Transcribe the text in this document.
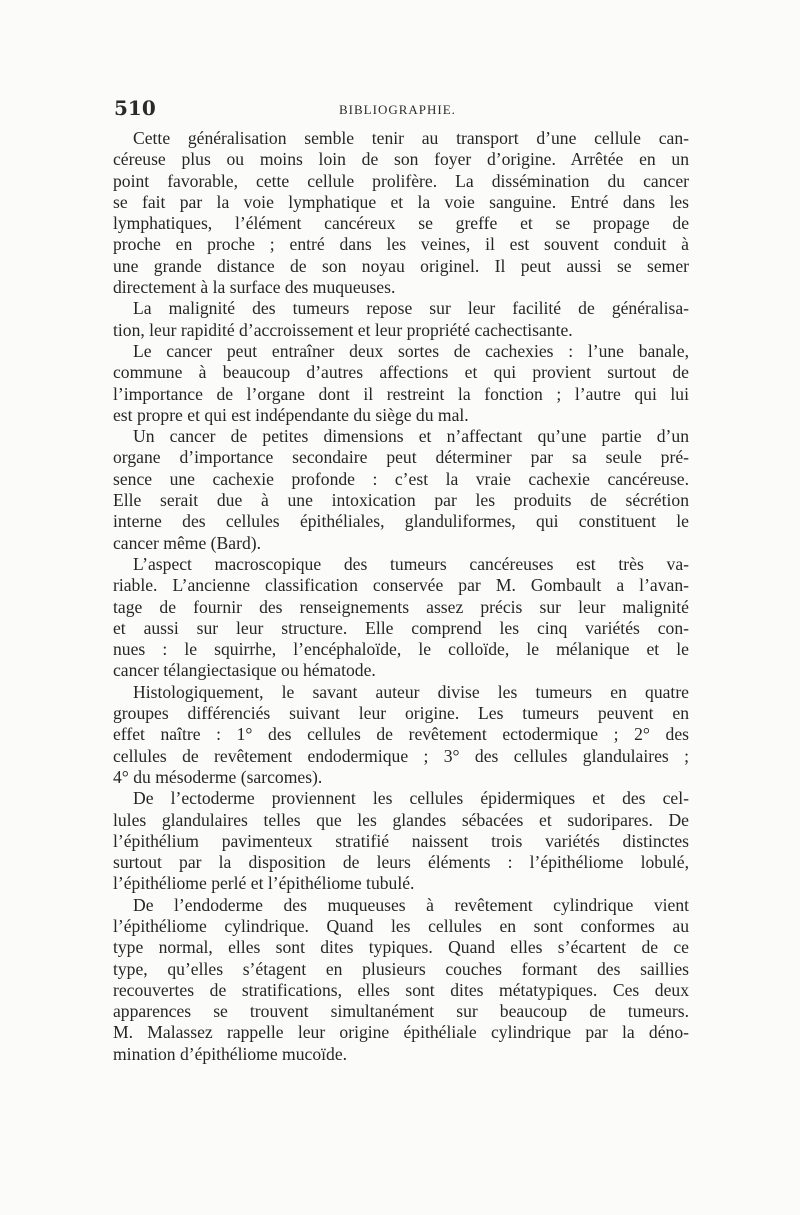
510	BIBLIOGRAPHIE.
Cette généralisation semble tenir au transport d’une cellule can-
céreuse plus ou moins loin de son foyer d’origine. Arrêtée en un
point favorable, cette cellule prolifère. La dissémination du cancer
se fait par la voie lymphatique et la voie sanguine. Entré dans les
lymphatiques, l’élément cancéreux se greffe et se propage de
proche en proche ; entré dans les veines, il est souvent conduit à
une grande distance de son noyau originel. Il peut aussi se semer
directement à la surface des muqueuses.
La malignité des tumeurs repose sur leur facilité de généralisa-
tion, leur rapidité d’accroissement et leur propriété cachectisante.
Le cancer peut entraîner deux sortes de cachexies : l’une banale,
commune à beaucoup d’autres affections et qui provient surtout de
l’importance de l’organe dont il restreint la fonction ; l’autre qui lui
est propre et qui est indépendante du siège du mal.
Un cancer de petites dimensions et n’affectant qu’une partie d’un
organe d’importance secondaire peut déterminer par sa seule pré-
sence une cachexie profonde : c’est la vraie cachexie cancéreuse.
Elle serait due à une intoxication par les produits de sécrétion
interne des cellules épithéliales, glanduliformes, qui constituent le
cancer même (Bard).
L’aspect macroscopique des tumeurs cancéreuses est très va-
riable. L’ancienne classification conservée par M. Gombault a l’avan-
tage de fournir des renseignements assez précis sur leur malignité
et aussi sur leur structure. Elle comprend les cinq variétés con-
nues : le squirrhe, l’encéphaloïde, le colloïde, le mélanique et le
cancer télangiectasique ou hématode.
Histologiquement, le savant auteur divise les tumeurs en quatre
groupes différenciés suivant leur origine. Les tumeurs peuvent en
effet naître : 1° des cellules de revêtement ectodermique ; 2° des
cellules de revêtement endodermique ; 3° des cellules glandulaires ;
4° du mésoderme (sarcomes).
De l’ectoderme proviennent les cellules épidermiques et des cel-
lules glandulaires telles que les glandes sébacées et sudoripares. De
l’épithélium pavimenteux stratifié naissent trois variétés distinctes
surtout par la disposition de leurs éléments : l’épithéliome lobulé,
l’épithéliome perlé et l’épithéliome tubulé.
De l’endoderme des muqueuses à revêtement cylindrique vient
l’épithéliome cylindrique. Quand les cellules en sont conformes au
type normal, elles sont dites typiques. Quand elles s’écartent de ce
type, qu’elles s’étagent en plusieurs couches formant des saillies
recouvertes de stratifications, elles sont dites métatypiques. Ces deux
apparences se trouvent simultanément sur beaucoup de tumeurs.
M. Malassez rappelle leur origine épithéliale cylindrique par la déno-
mination d’épithéliome mucoïde.
